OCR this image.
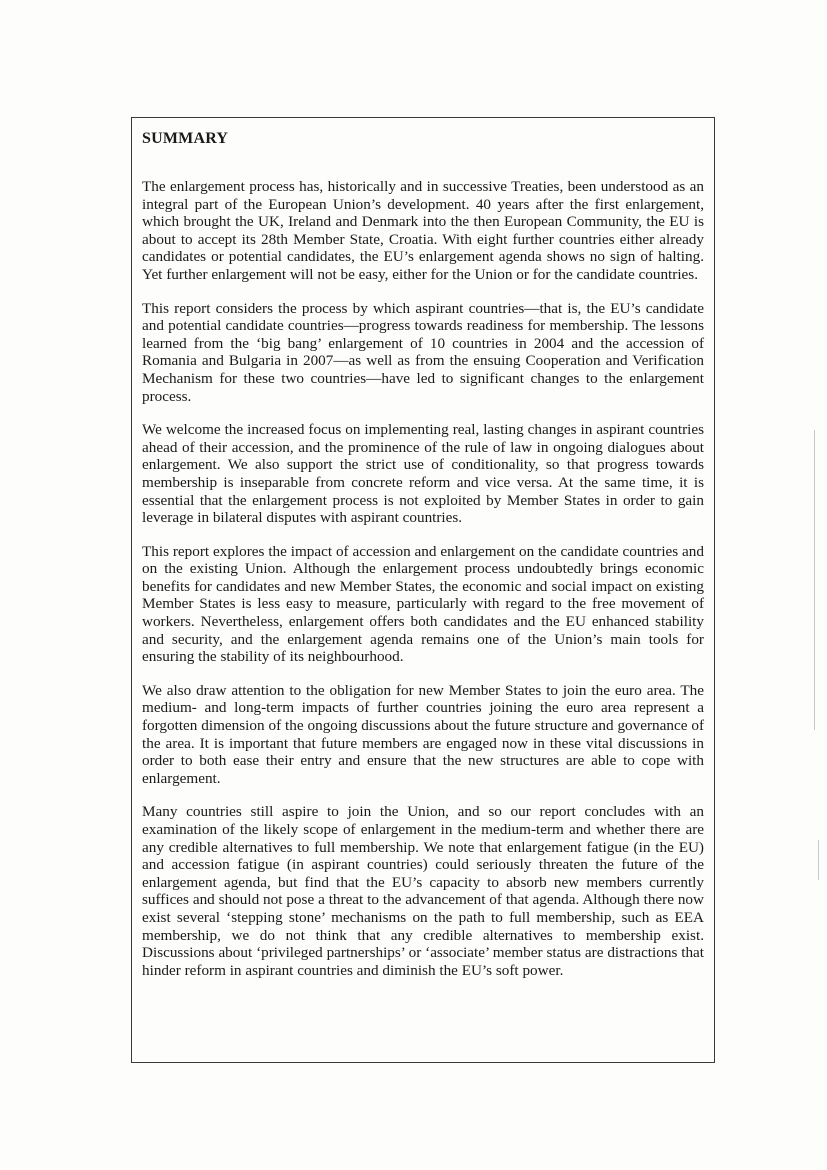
SUMMARY

The enlargement process has, historically and in successive Treaties, been understood as an integral part of the European Union’s development. 40 years after the first enlargement, which brought the UK, Ireland and Denmark into the then European Community, the EU is about to accept its 28th Member State, Croatia. With eight further countries either already candidates or potential candidates, the EU’s enlargement agenda shows no sign of halting. Yet further enlargement will not be easy, either for the Union or for the candidate countries.

This report considers the process by which aspirant countries—that is, the EU’s candidate and potential candidate countries—progress towards readiness for membership. The lessons learned from the ‘big bang’ enlargement of 10 countries in 2004 and the accession of Romania and Bulgaria in 2007—as well as from the ensuing Cooperation and Verification Mechanism for these two countries—have led to significant changes to the enlargement process.

We welcome the increased focus on implementing real, lasting changes in aspirant countries ahead of their accession, and the prominence of the rule of law in ongoing dialogues about enlargement. We also support the strict use of conditionality, so that progress towards membership is inseparable from concrete reform and vice versa. At the same time, it is essential that the enlargement process is not exploited by Member States in order to gain leverage in bilateral disputes with aspirant countries.

This report explores the impact of accession and enlargement on the candidate countries and on the existing Union. Although the enlargement process undoubtedly brings economic benefits for candidates and new Member States, the economic and social impact on existing Member States is less easy to measure, particularly with regard to the free movement of workers. Nevertheless, enlargement offers both candidates and the EU enhanced stability and security, and the enlargement agenda remains one of the Union’s main tools for ensuring the stability of its neighbourhood.

We also draw attention to the obligation for new Member States to join the euro area. The medium- and long-term impacts of further countries joining the euro area represent a forgotten dimension of the ongoing discussions about the future structure and governance of the area. It is important that future members are engaged now in these vital discussions in order to both ease their entry and ensure that the new structures are able to cope with enlargement.

Many countries still aspire to join the Union, and so our report concludes with an examination of the likely scope of enlargement in the medium-term and whether there are any credible alternatives to full membership. We note that enlargement fatigue (in the EU) and accession fatigue (in aspirant countries) could seriously threaten the future of the enlargement agenda, but find that the EU’s capacity to absorb new members currently suffices and should not pose a threat to the advancement of that agenda. Although there now exist several ‘stepping stone’ mechanisms on the path to full membership, such as EEA membership, we do not think that any credible alternatives to membership exist. Discussions about ‘privileged partnerships’ or ‘associate’ member status are distractions that hinder reform in aspirant countries and diminish the EU’s soft power.
